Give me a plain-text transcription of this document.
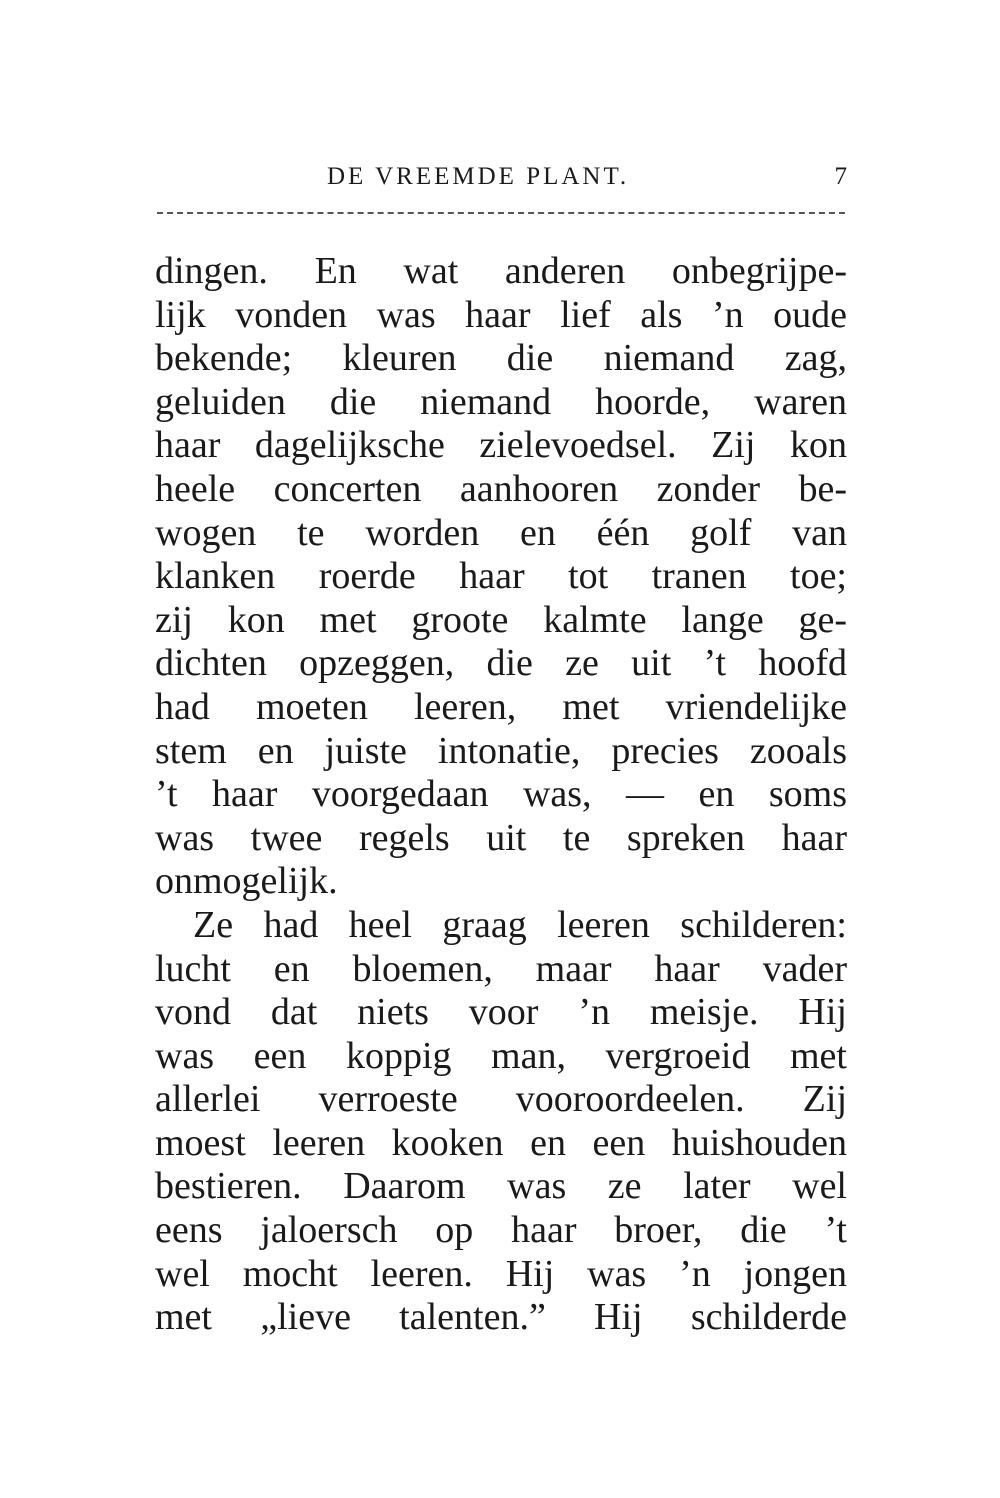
DE VREEMDE PLANT.	7
dingen. En wat anderen onbegrijpe-
lijk vonden was haar lief als ’n oude
bekende; kleuren die niemand zag,
geluiden die niemand hoorde, waren
haar dagelijksche zielevoedsel. Zij kon
heele concerten aanhooren zonder be-
wogen te worden en één golf van
klanken roerde haar tot tranen toe;
zij kon met groote kalmte lange ge-
dichten opzeggen, die ze uit ’t hoofd
had moeten leeren, met vriendelijke
stem en juiste intonatie, precies zooals
’t haar voorgedaan was, — en soms
was twee regels uit te spreken haar
onmogelijk.
Ze had heel graag leeren schilderen:
lucht en bloemen, maar haar vader
vond dat niets voor ’n meisje. Hij
was een koppig man, vergroeid met
allerlei verroeste vooroordeelen. Zij
moest leeren kooken en een huishouden
bestieren. Daarom was ze later wel
eens jaloersch op haar broer, die ’t
wel mocht leeren. Hij was ’n jongen
met „lieve talenten.” Hij schilderde
